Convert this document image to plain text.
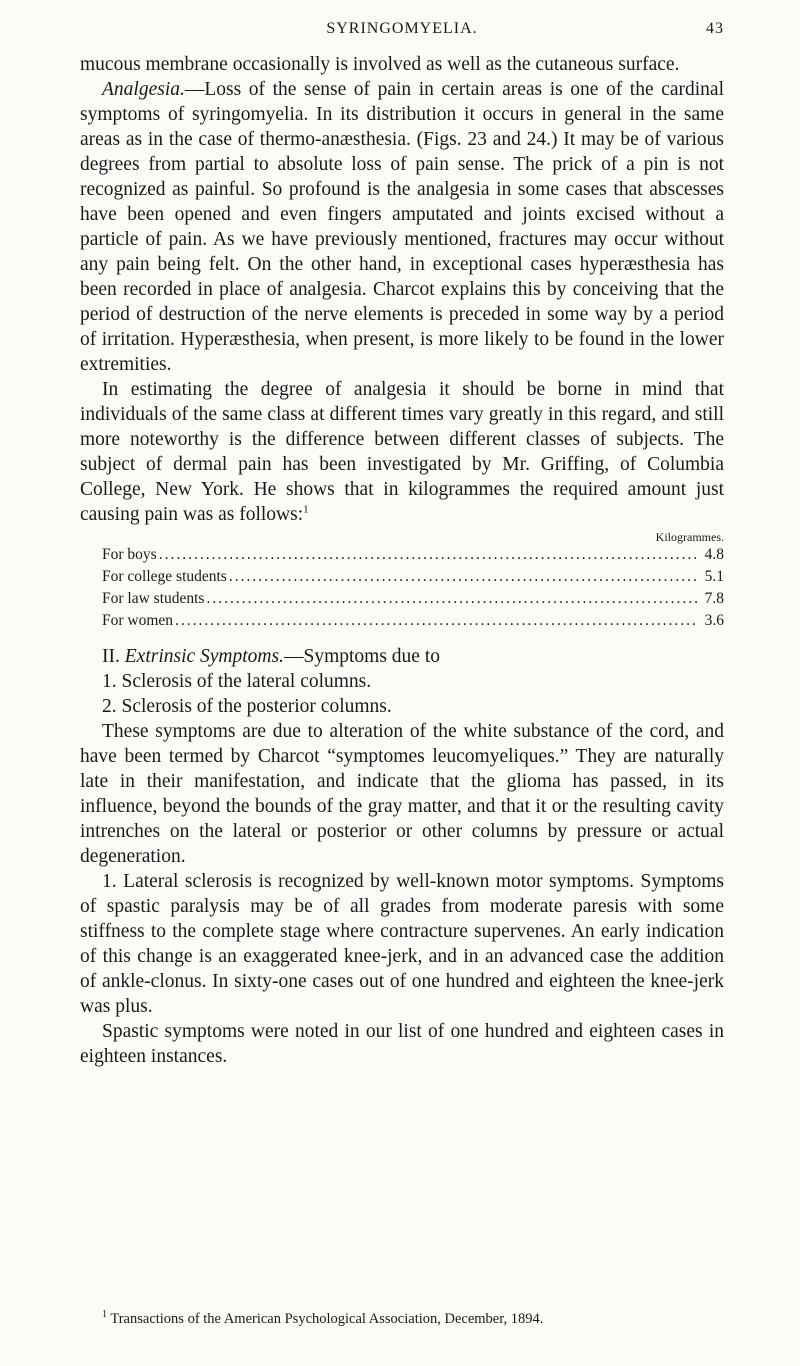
SYRINGOMYELIA.	43

mucous membrane occasionally is involved as well as the cutaneous surface.

Analgesia.—Loss of the sense of pain in certain areas is one of the cardinal symptoms of syringomyelia. In its distribution it occurs in general in the same areas as in the case of thermo-anæsthesia. (Figs. 23 and 24.) It may be of various degrees from partial to absolute loss of pain sense. The prick of a pin is not recognized as painful. So profound is the analgesia in some cases that abscesses have been opened and even fingers amputated and joints excised without a particle of pain. As we have previously mentioned, fractures may occur without any pain being felt. On the other hand, in exceptional cases hyperæsthesia has been recorded in place of analgesia. Charcot explains this by conceiving that the period of destruction of the nerve elements is preceded in some way by a period of irritation. Hyperæsthesia, when present, is more likely to be found in the lower extremities.

In estimating the degree of analgesia it should be borne in mind that individuals of the same class at different times vary greatly in this regard, and still more noteworthy is the difference between different classes of subjects. The subject of dermal pain has been investigated by Mr. Griffing, of Columbia College, New York. He shows that in kilogrammes the required amount just causing pain was as follows:$^1$

Kilogrammes.
For boys .....	4.8
For college students .....	5.1
For law students .....	7.8
For women .....	3.6

II. Extrinsic Symptoms.—Symptoms due to

1. Sclerosis of the lateral columns.

2. Sclerosis of the posterior columns.

These symptoms are due to alteration of the white substance of the cord, and have been termed by Charcot “symptomes leucomyeliques.” They are naturally late in their manifestation, and indicate that the glioma has passed, in its influence, beyond the bounds of the gray matter, and that it or the resulting cavity intrenches on the lateral or posterior or other columns by pressure or actual degeneration.

1. Lateral sclerosis is recognized by well-known motor symptoms. Symptoms of spastic paralysis may be of all grades from moderate paresis with some stiffness to the complete stage where contracture supervenes. An early indication of this change is an exaggerated knee-jerk, and in an advanced case the addition of ankle-clonus. In sixty-one cases out of one hundred and eighteen the knee-jerk was plus.

Spastic symptoms were noted in our list of one hundred and eighteen cases in eighteen instances.

$^1$ Transactions of the American Psychological Association, December, 1894.
